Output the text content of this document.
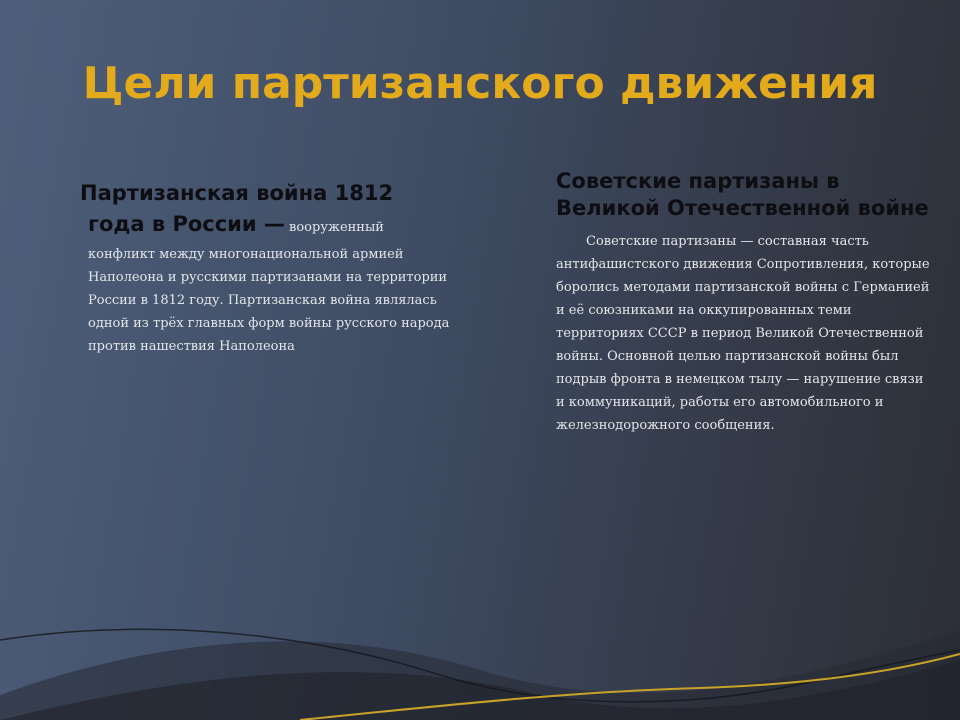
Цели партизанского движения

Партизанская война 1812

года в России — вооруженный

конфликт между многонациональной армией Наполеона и русскими партизанами на территории России в 1812 году. Партизанская война являлась одной из трёх главных форм войны русского народа против нашествия Наполеона

Советские партизаны в Великой Отечественной войне

Советские партизаны — составная часть антифашистского движения Сопротивления, которые боролись методами партизанской войны с Германией и её союзниками на оккупированных теми территориях СССР в период Великой Отечественной войны. Основной целью партизанской войны был подрыв фронта в немецком тылу — нарушение связи и коммуникаций, работы его автомобильного и железнодорожного сообщения.
